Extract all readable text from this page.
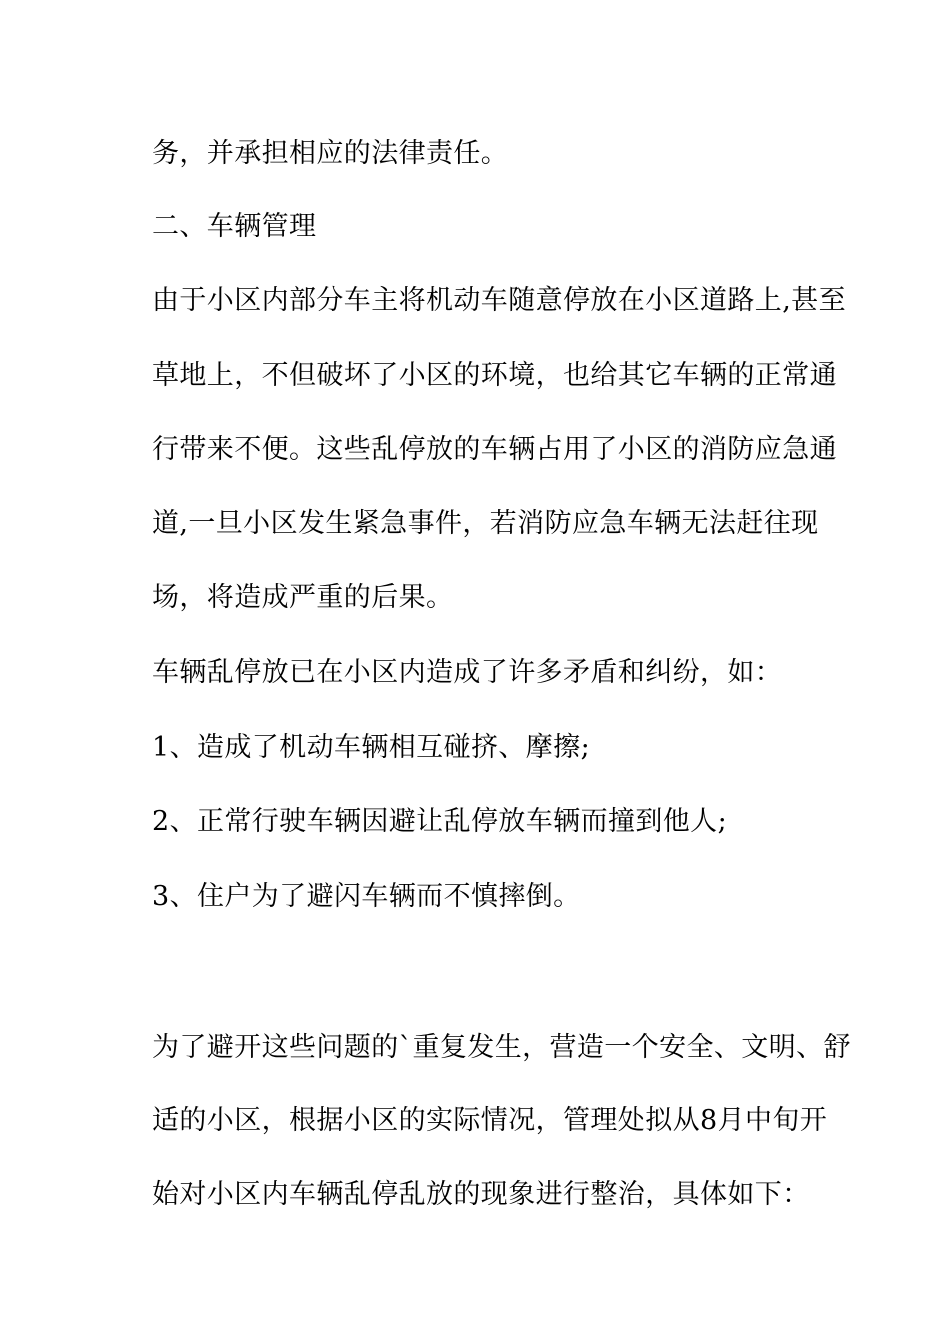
务，并承担相应的法律责任。

二、车辆管理

由于小区内部分车主将机动车随意停放在小区道路上,甚至

草地上，不但破坏了小区的环境，也给其它车辆的正常通

行带来不便。这些乱停放的车辆占用了小区的消防应急通

道,一旦小区发生紧急事件，若消防应急车辆无法赶往现

场，将造成严重的后果。

车辆乱停放已在小区内造成了许多矛盾和纠纷，如：

1、造成了机动车辆相互碰挤、摩擦;

2、正常行驶车辆因避让乱停放车辆而撞到他人;

3、住户为了避闪车辆而不慎摔倒。

为了避开这些问题的`重复发生，营造一个安全、文明、舒

适的小区，根据小区的实际情况，管理处拟从8月中旬开

始对小区内车辆乱停乱放的现象进行整治，具体如下：
